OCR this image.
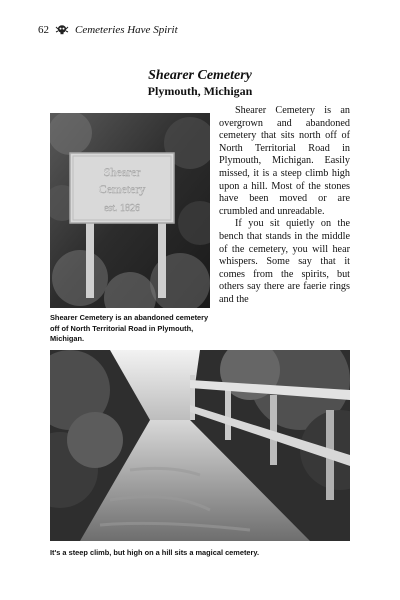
62 Cemeteries Have Spirit
Shearer Cemetery
Plymouth, Michigan
Shearer
Cemetery
est. 1826
Shearer Cemetery is an abandoned cemetery off of North Territorial Road in Plymouth, Michigan.

Shearer Cemetery is an overgrown and abandoned cemetery that sits north off of North Territorial Road in Plymouth, Michigan. Easily missed, it is a steep climb high upon a hill. Most of the stones have been moved or are crumbled and unreadable.

If you sit quietly on the bench that stands in the middle of the cemetery, you will hear whispers. Some say that it comes from the spirits, but others say there are faerie rings and the

It's a steep climb, but high on a hill sits a magical cemetery.
